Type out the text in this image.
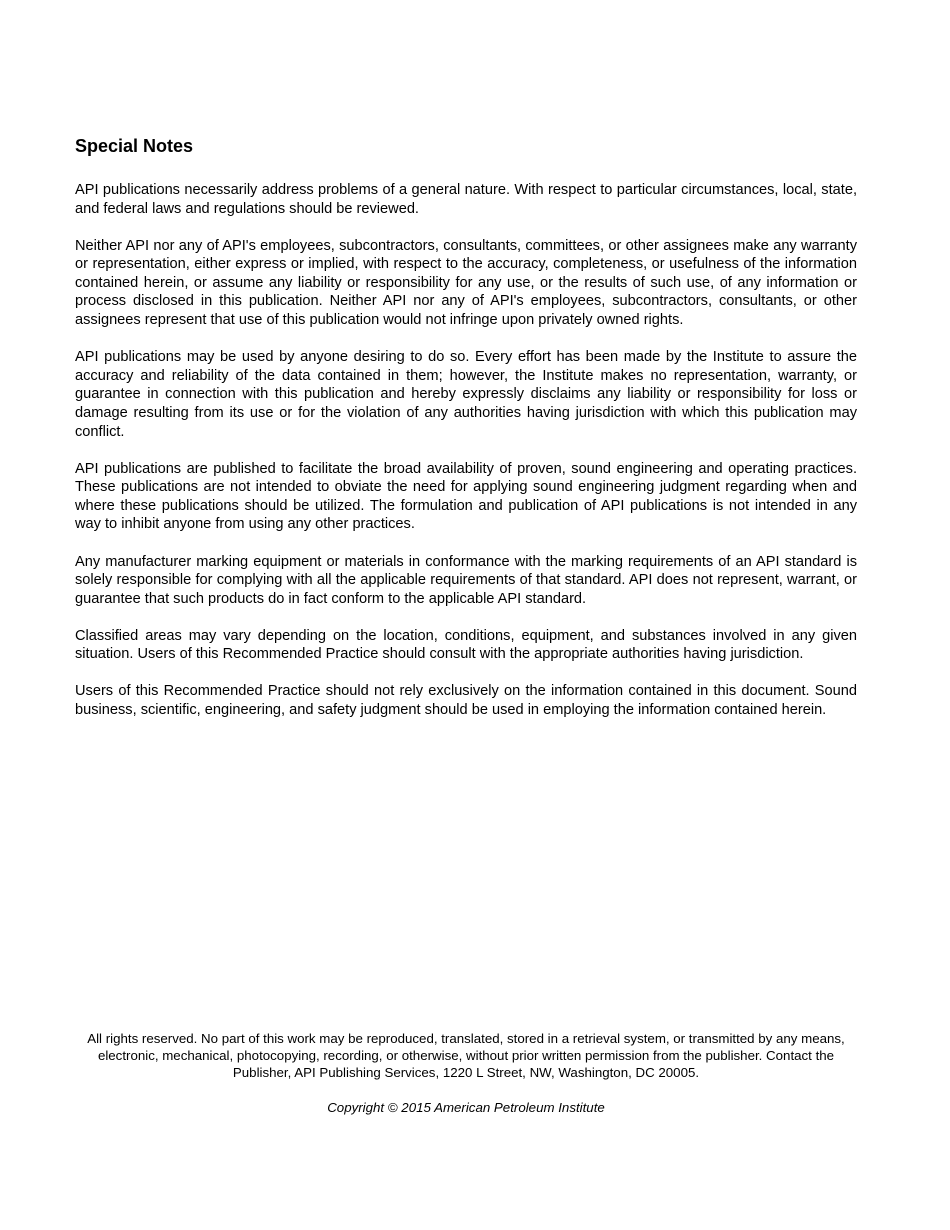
Special Notes

API publications necessarily address problems of a general nature. With respect to particular circumstances, local, state, and federal laws and regulations should be reviewed.

Neither API nor any of API's employees, subcontractors, consultants, committees, or other assignees make any warranty or representation, either express or implied, with respect to the accuracy, completeness, or usefulness of the information contained herein, or assume any liability or responsibility for any use, or the results of such use, of any information or process disclosed in this publication. Neither API nor any of API's employees, subcontractors, consultants, or other assignees represent that use of this publication would not infringe upon privately owned rights.

API publications may be used by anyone desiring to do so. Every effort has been made by the Institute to assure the accuracy and reliability of the data contained in them; however, the Institute makes no representation, warranty, or guarantee in connection with this publication and hereby expressly disclaims any liability or responsibility for loss or damage resulting from its use or for the violation of any authorities having jurisdiction with which this publication may conflict.

API publications are published to facilitate the broad availability of proven, sound engineering and operating practices. These publications are not intended to obviate the need for applying sound engineering judgment regarding when and where these publications should be utilized. The formulation and publication of API publications is not intended in any way to inhibit anyone from using any other practices.

Any manufacturer marking equipment or materials in conformance with the marking requirements of an API standard is solely responsible for complying with all the applicable requirements of that standard. API does not represent, warrant, or guarantee that such products do in fact conform to the applicable API standard.

Classified areas may vary depending on the location, conditions, equipment, and substances involved in any given situation. Users of this Recommended Practice should consult with the appropriate authorities having jurisdiction.

Users of this Recommended Practice should not rely exclusively on the information contained in this document. Sound business, scientific, engineering, and safety judgment should be used in employing the information contained herein.

All rights reserved. No part of this work may be reproduced, translated, stored in a retrieval system, or transmitted by any means,
electronic, mechanical, photocopying, recording, or otherwise, without prior written permission from the publisher. Contact the
Publisher, API Publishing Services, 1220 L Street, NW, Washington, DC 20005.

Copyright © 2015 American Petroleum Institute
